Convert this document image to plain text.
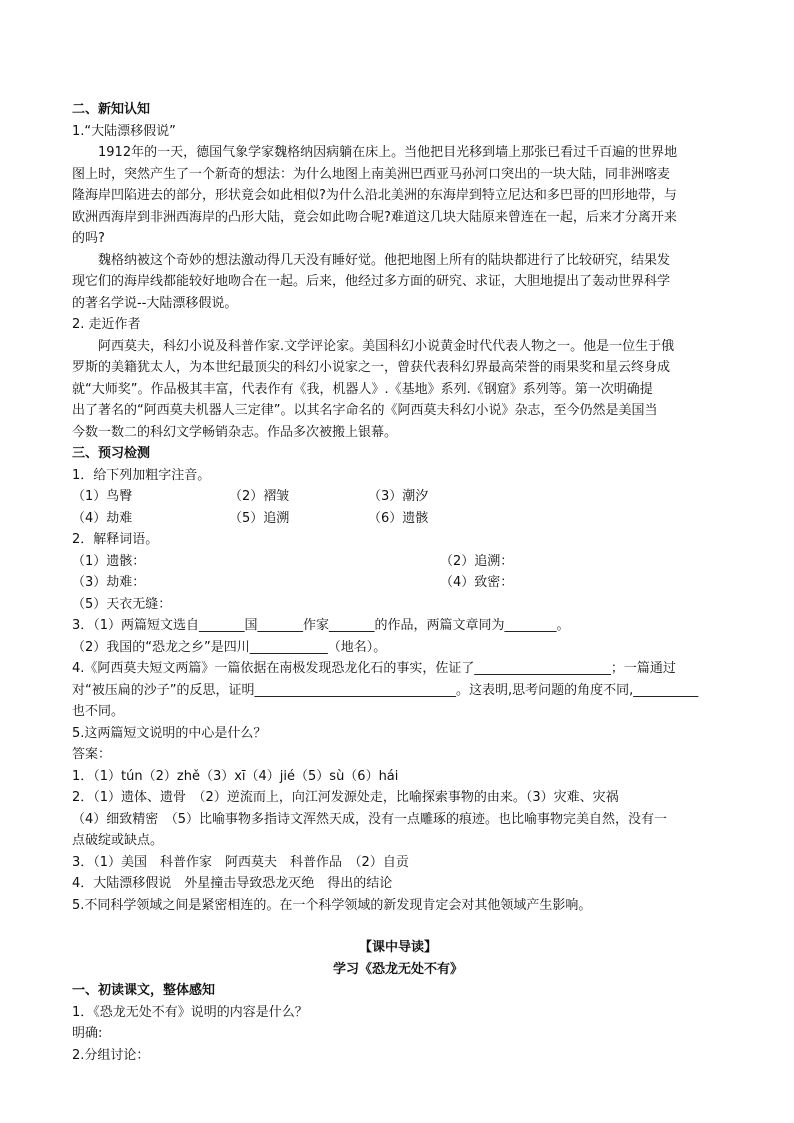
二、新知认知
1.“大陆漂移假说”
1912年的一天，德国气象学家魏格纳因病躺在床上。当他把目光移到墙上那张已看过千百遍的世界地
图上时，突然产生了一个新奇的想法：为什么地图上南美洲巴西亚马孙河口突出的一块大陆，同非洲喀麦
隆海岸凹陷进去的部分，形状竟会如此相似?为什么沿北美洲的东海岸到特立尼达和多巴哥的凹形地带，与
欧洲西海岸到非洲西海岸的凸形大陆，竟会如此吻合呢?难道这几块大陆原来曾连在一起，后来才分离开来
的吗?
魏格纳被这个奇妙的想法激动得几天没有睡好觉。他把地图上所有的陆块都进行了比较研究，结果发
现它们的海岸线都能较好地吻合在一起。后来，他经过多方面的研究、求证，大胆地提出了轰动世界科学
的著名学说--大陆漂移假说。
2. 走近作者
阿西莫夫，科幻小说及科普作家.文学评论家。美国科幻小说黄金时代代表人物之一。他是一位生于俄
罗斯的美籍犹太人，为本世纪最顶尖的科幻小说家之一，曾获代表科幻界最高荣誉的雨果奖和星云终身成
就“大师奖”。作品极其丰富，代表作有《我，机器人》.《基地》系列.《钢窟》系列等。第一次明确提
出了著名的“阿西莫夫机器人三定律”。以其名字命名的《阿西莫夫科幻小说》杂志，至今仍然是美国当
今数一数二的科幻文学畅销杂志。作品多次被搬上银幕。
三、预习检测
1．给下列加粗字注音。
（1）鸟臀	（2）褶皱	（3）潮汐
（4）劫难	（5）追溯	（6）遗骸
2．解释词语。
（1）遗骸：	（2）追溯：
（3）劫难：	（4）致密：
（5）天衣无缝：
3．（1）两篇短文选自_______国_______作家_______的作品，两篇文章同为________。
（2）我国的“恐龙之乡”是四川____________（地名）。
4.《阿西莫夫短文两篇》一篇依据在南极发现恐龙化石的事实，佐证了_____________________；一篇通过
对“被压扁的沙子”的反思，证明_______________________________。这表明,思考问题的角度不同,__________
也不同。
5.这两篇短文说明的中心是什么？
答案：
1．（1）tún（2）zhě（3）xī（4）jié（5）sù（6）hái
2．（1）遗体、遗骨　（2）逆流而上，向江河发源处走，比喻探索事物的由来。（3）灾难、灾祸
（4）细致精密　（5）比喻事物多指诗文浑然天成，没有一点雕琢的痕迹。也比喻事物完美自然，没有一
点破绽或缺点。
3．（1）美国　科普作家　阿西莫夫　科普作品　（2）自贡
4．大陆漂移假说　外星撞击导致恐龙灭绝　得出的结论
5.不同科学领域之间是紧密相连的。在一个科学领域的新发现肯定会对其他领域产生影响。
【课中导读】
学习《恐龙无处不有》
一、初读课文，整体感知
1．《恐龙无处不有》说明的内容是什么？
明确:
2.分组讨论：
